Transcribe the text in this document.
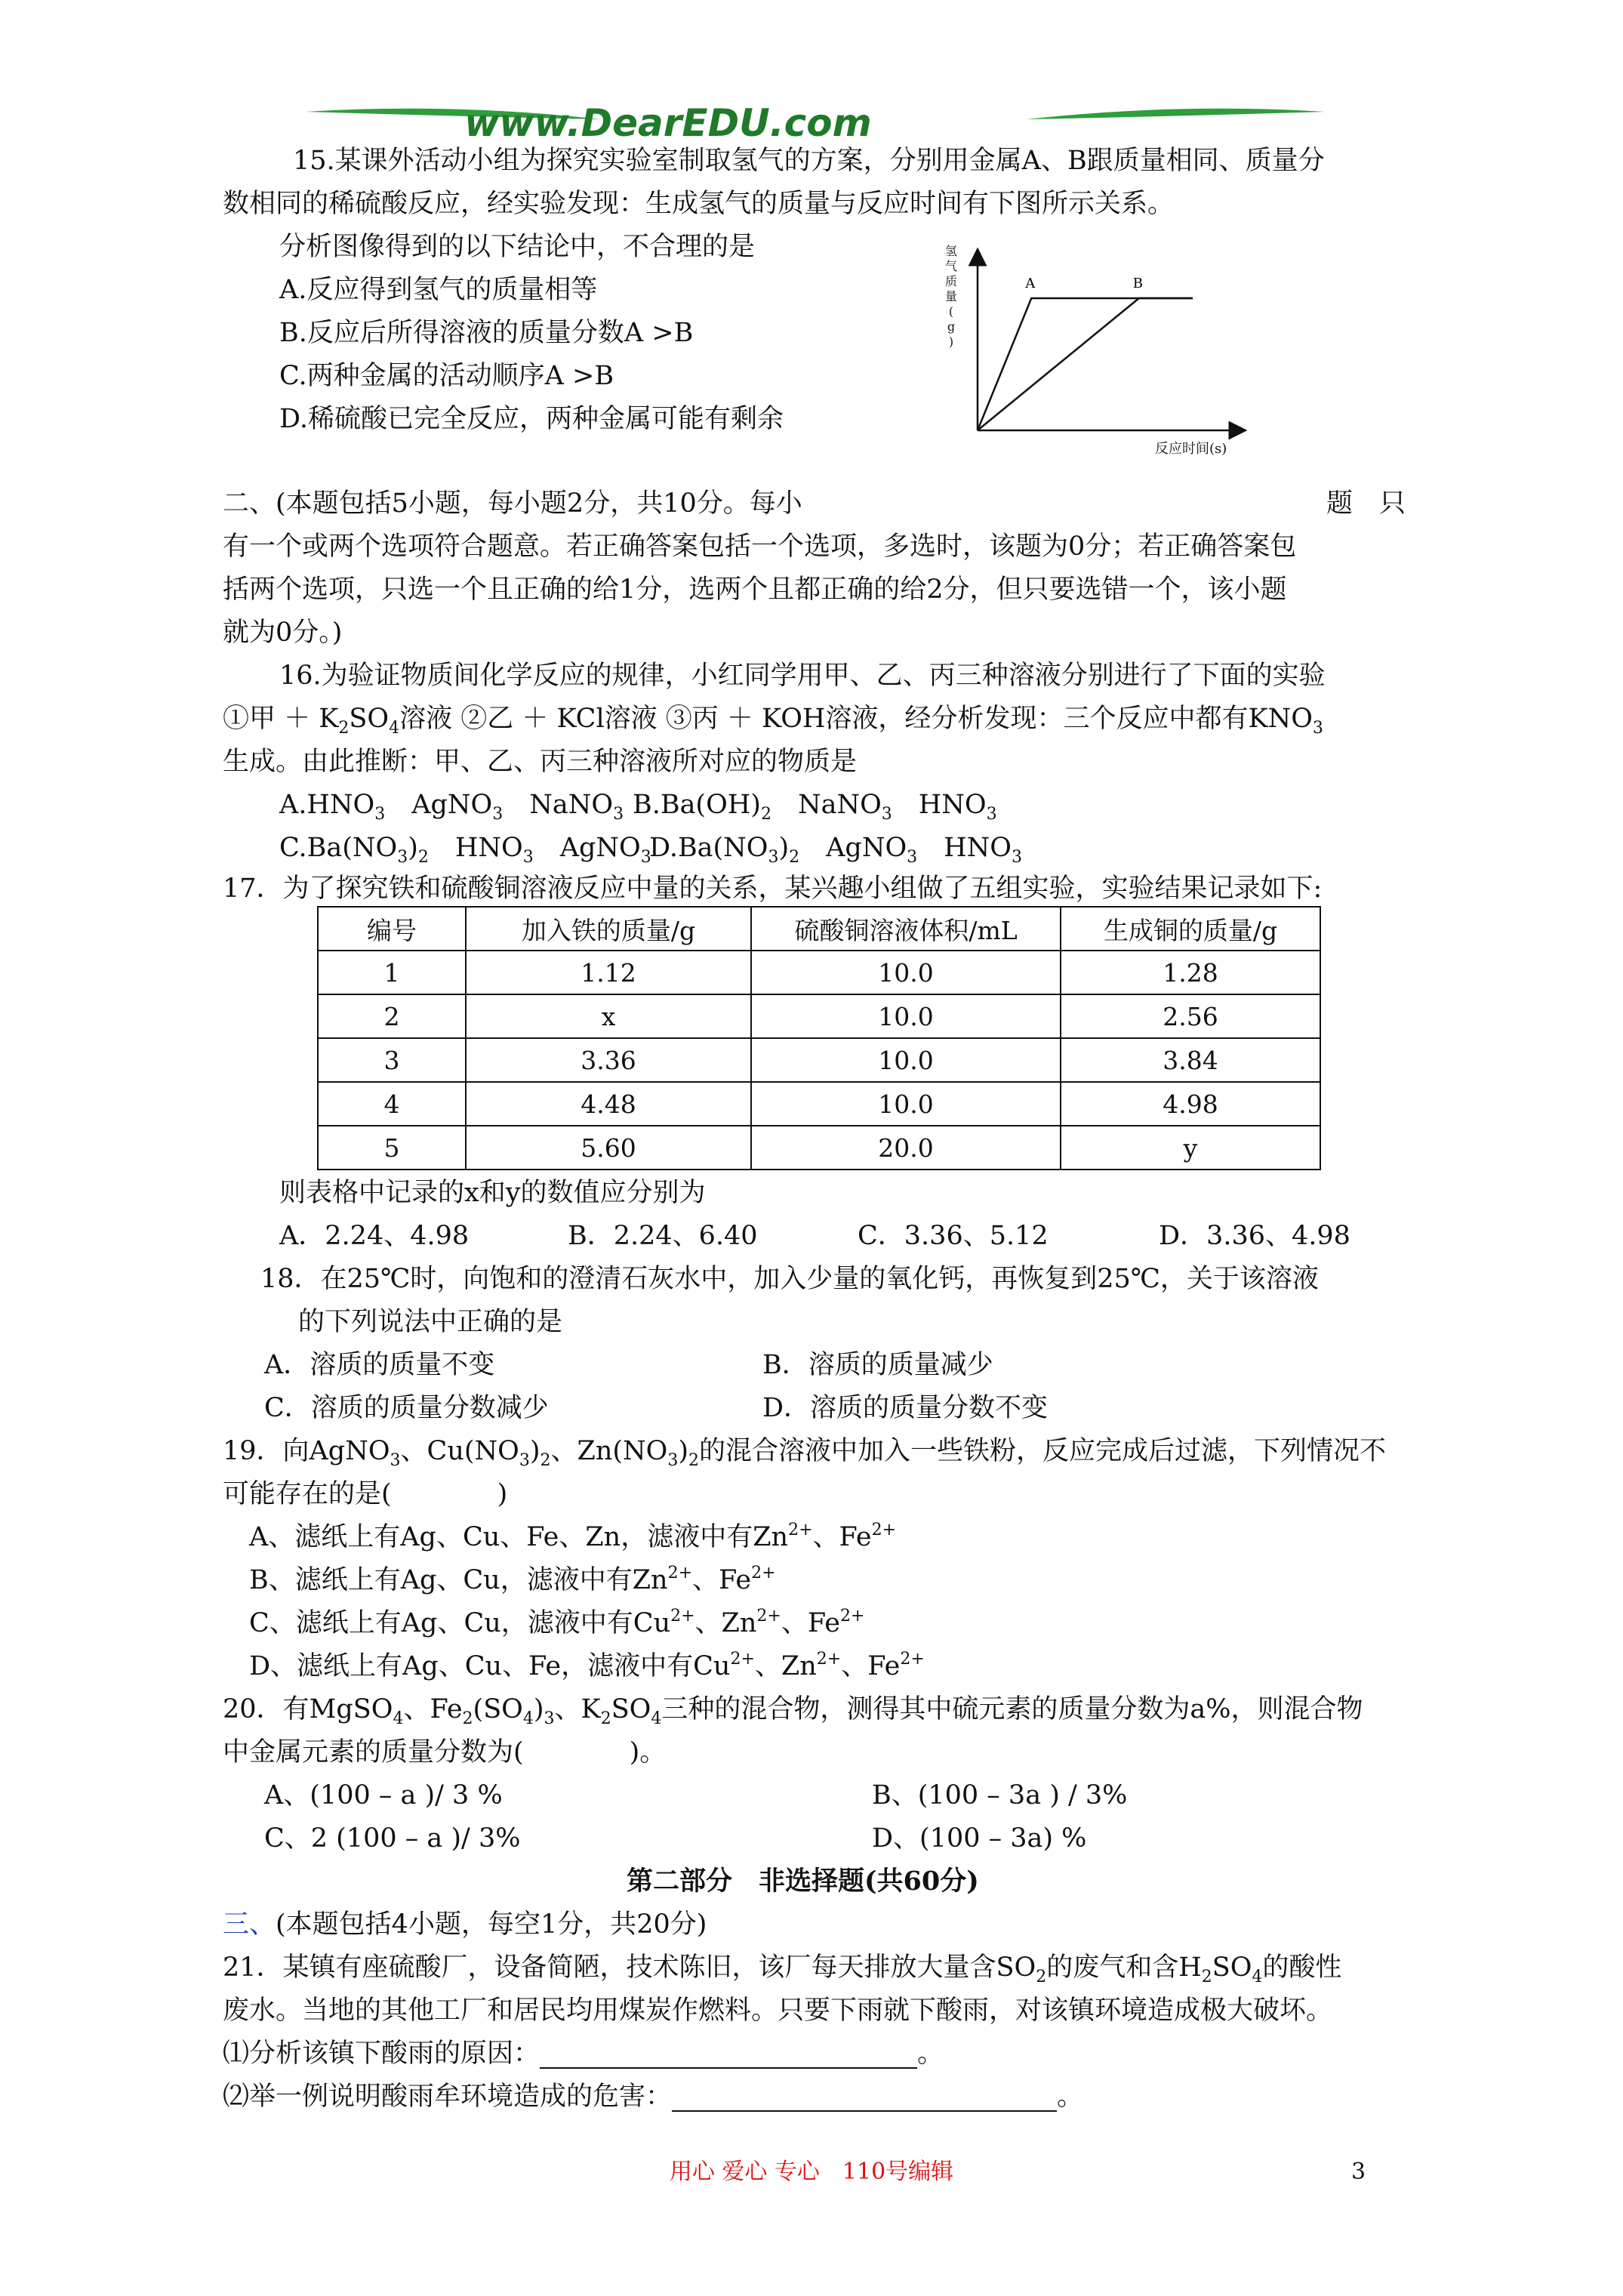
www.DearEDU.com
15.某课外活动小组为探究实验室制取氢气的方案，分别用金属A、B跟质量相同、质量分
数相同的稀硫酸反应，经实验发现：生成氢气的质量与反应时间有下图所示关系。
分析图像得到的以下结论中，不合理的是
A.反应得到氢气的质量相等
B.反应后所得溶液的质量分数A >B
C.两种金属的活动顺序A >B
D.稀硫酸已完全反应，两种金属可能有剩余
氢
气
质
量
(
g
)
反应时间(s)
A	B
二、(本题包括5小题，每小题2分，共10分。每小	题　只
有一个或两个选项符合题意。若正确答案包括一个选项，多选时，该题为0分；若正确答案包
括两个选项，只选一个且正确的给1分，选两个且都正确的给2分，但只要选错一个，该小题
就为0分。)
16.为验证物质间化学反应的规律，小红同学用甲、乙、丙三种溶液分别进行了下面的实验
①甲 ＋ $K_2SO_4$溶液 ②乙 ＋ KCl溶液 ③丙 ＋ KOH溶液，经分析发现：三个反应中都有$KNO_3$
生成。由此推断：甲、乙、丙三种溶液所对应的物质是
$A.HNO_3$　AgNO$_3$　NaNO$_3$ $B.Ba(OH)_2$　NaNO$_3$　$HNO_3$
$C.Ba(NO_3)_2$　$HNO_3$　AgNO$_3$
$D.Ba(NO_3)_2$　AgNO$_3$　$HNO_3$
17．为了探究铁和硫酸铜溶液反应中量的关系，某兴趣小组做了五组实验，实验结果记录如下:
编号	加入铁的质量/g	硫酸铜溶液体积/mL	生成铜的质量/g
1	1.12	10.0	1.28
2	x	10.0	2.56
3	3.36	10.0	3.84
4	4.48	10.0	4.98
5	5.60	20.0	y
则表格中记录的x和y的数值应分别为
A．2.24、4.98	B．2.24、6.40	C．3.36、5.12	D．3.36、4.98
18．在25℃时，向饱和的澄清石灰水中，加入少量的氧化钙，再恢复到25℃，关于该溶液
的下列说法中正确的是
A．溶质的质量不变	B．溶质的质量减少
C．溶质的质量分数减少	D．溶质的质量分数不变
19．向AgNO$_3$、$Cu(NO_3)_2$、$Zn(NO_3)_2$的混合溶液中加入一些铁粉，反应完成后过滤，下列情况不
可能存在的是(　　　　)
A、滤纸上有Ag、Cu、Fe、Zn，滤液中有$Zn^{2+}$、$Fe^{2+}$
B、滤纸上有Ag、Cu，滤液中有$Zn^{2+}$、$Fe^{2+}$
C、滤纸上有Ag、Cu，滤液中有$Cu^{2+}$、$Zn^{2+}$、$Fe^{2+}$
D、滤纸上有Ag、Cu、Fe，滤液中有$Cu^{2+}$、$Zn^{2+}$、$Fe^{2+}$
20．有MgSO$_4$、$Fe_2(SO_4)_3$、$K_2SO_4$三种的混合物，测得其中硫元素的质量分数为a%，则混合物
中金属元素的质量分数为(　　　　)。
A、(100 – a )/ 3 %	B、(100 – 3a ) / 3%
C、2 (100 – a )/ 3%	D、(100 – 3a) %
第二部分　非选择题(共60分)
三、(本题包括4小题，每空1分，共20分)
21．某镇有座硫酸厂，设备简陋，技术陈旧，该厂每天排放大量含$SO_2$的废气和含$H_2SO_4$的酸性
废水。当地的其他工厂和居民均用煤炭作燃料。只要下雨就下酸雨，对该镇环境造成极大破坏。
⑴分析该镇下酸雨的原因：	。
⑵举一例说明酸雨牟环境造成的危害：	。
用心 爱心 专心　110号编辑	3
